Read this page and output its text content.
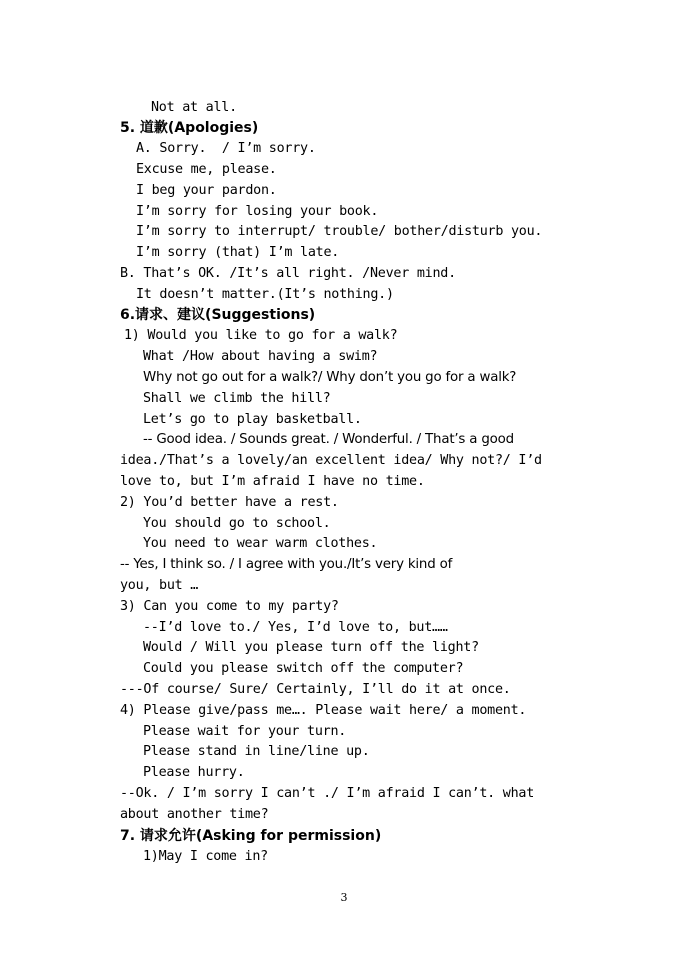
Not at all.
5. 道歉(Apologies)
A. Sorry.  / I’m sorry.
Excuse me, please.
I beg your pardon.
I’m sorry for losing your book.
I’m sorry to interrupt/ trouble/ bother/disturb you.
I’m sorry (that) I’m late.
B. That’s OK. /It’s all right. /Never mind.
It doesn’t matter.(It’s nothing.)
6.请求、建议(Suggestions)
1) Would you like to go for a walk?
What /How about having a swim?
Why not go out for a walk?/ Why don’t you go for a walk?
Shall we climb the hill?
Let’s go to play basketball.
-- Good idea. / Sounds great. / Wonderful. / That’s a good
idea./That’s a lovely/an excellent idea/ Why not?/ I’d
love to, but I’m afraid I have no time.
2) You’d better have a rest.
You should go to school.
You need to wear warm clothes.
-- Yes, I think so. / I agree with you./It’s very kind of
you, but …
3) Can you come to my party?
--I’d love to./ Yes, I’d love to, but……
Would / Will you please turn off the light?
Could you please switch off the computer?
---Of course/ Sure/ Certainly, I’ll do it at once.
4) Please give/pass me…. Please wait here/ a moment.
Please wait for your turn.
Please stand in line/line up.
Please hurry.
--Ok. / I’m sorry I can’t ./ I’m afraid I can’t. what
about another time?
7. 请求允许(Asking for permission)
1)May I come in?
3
